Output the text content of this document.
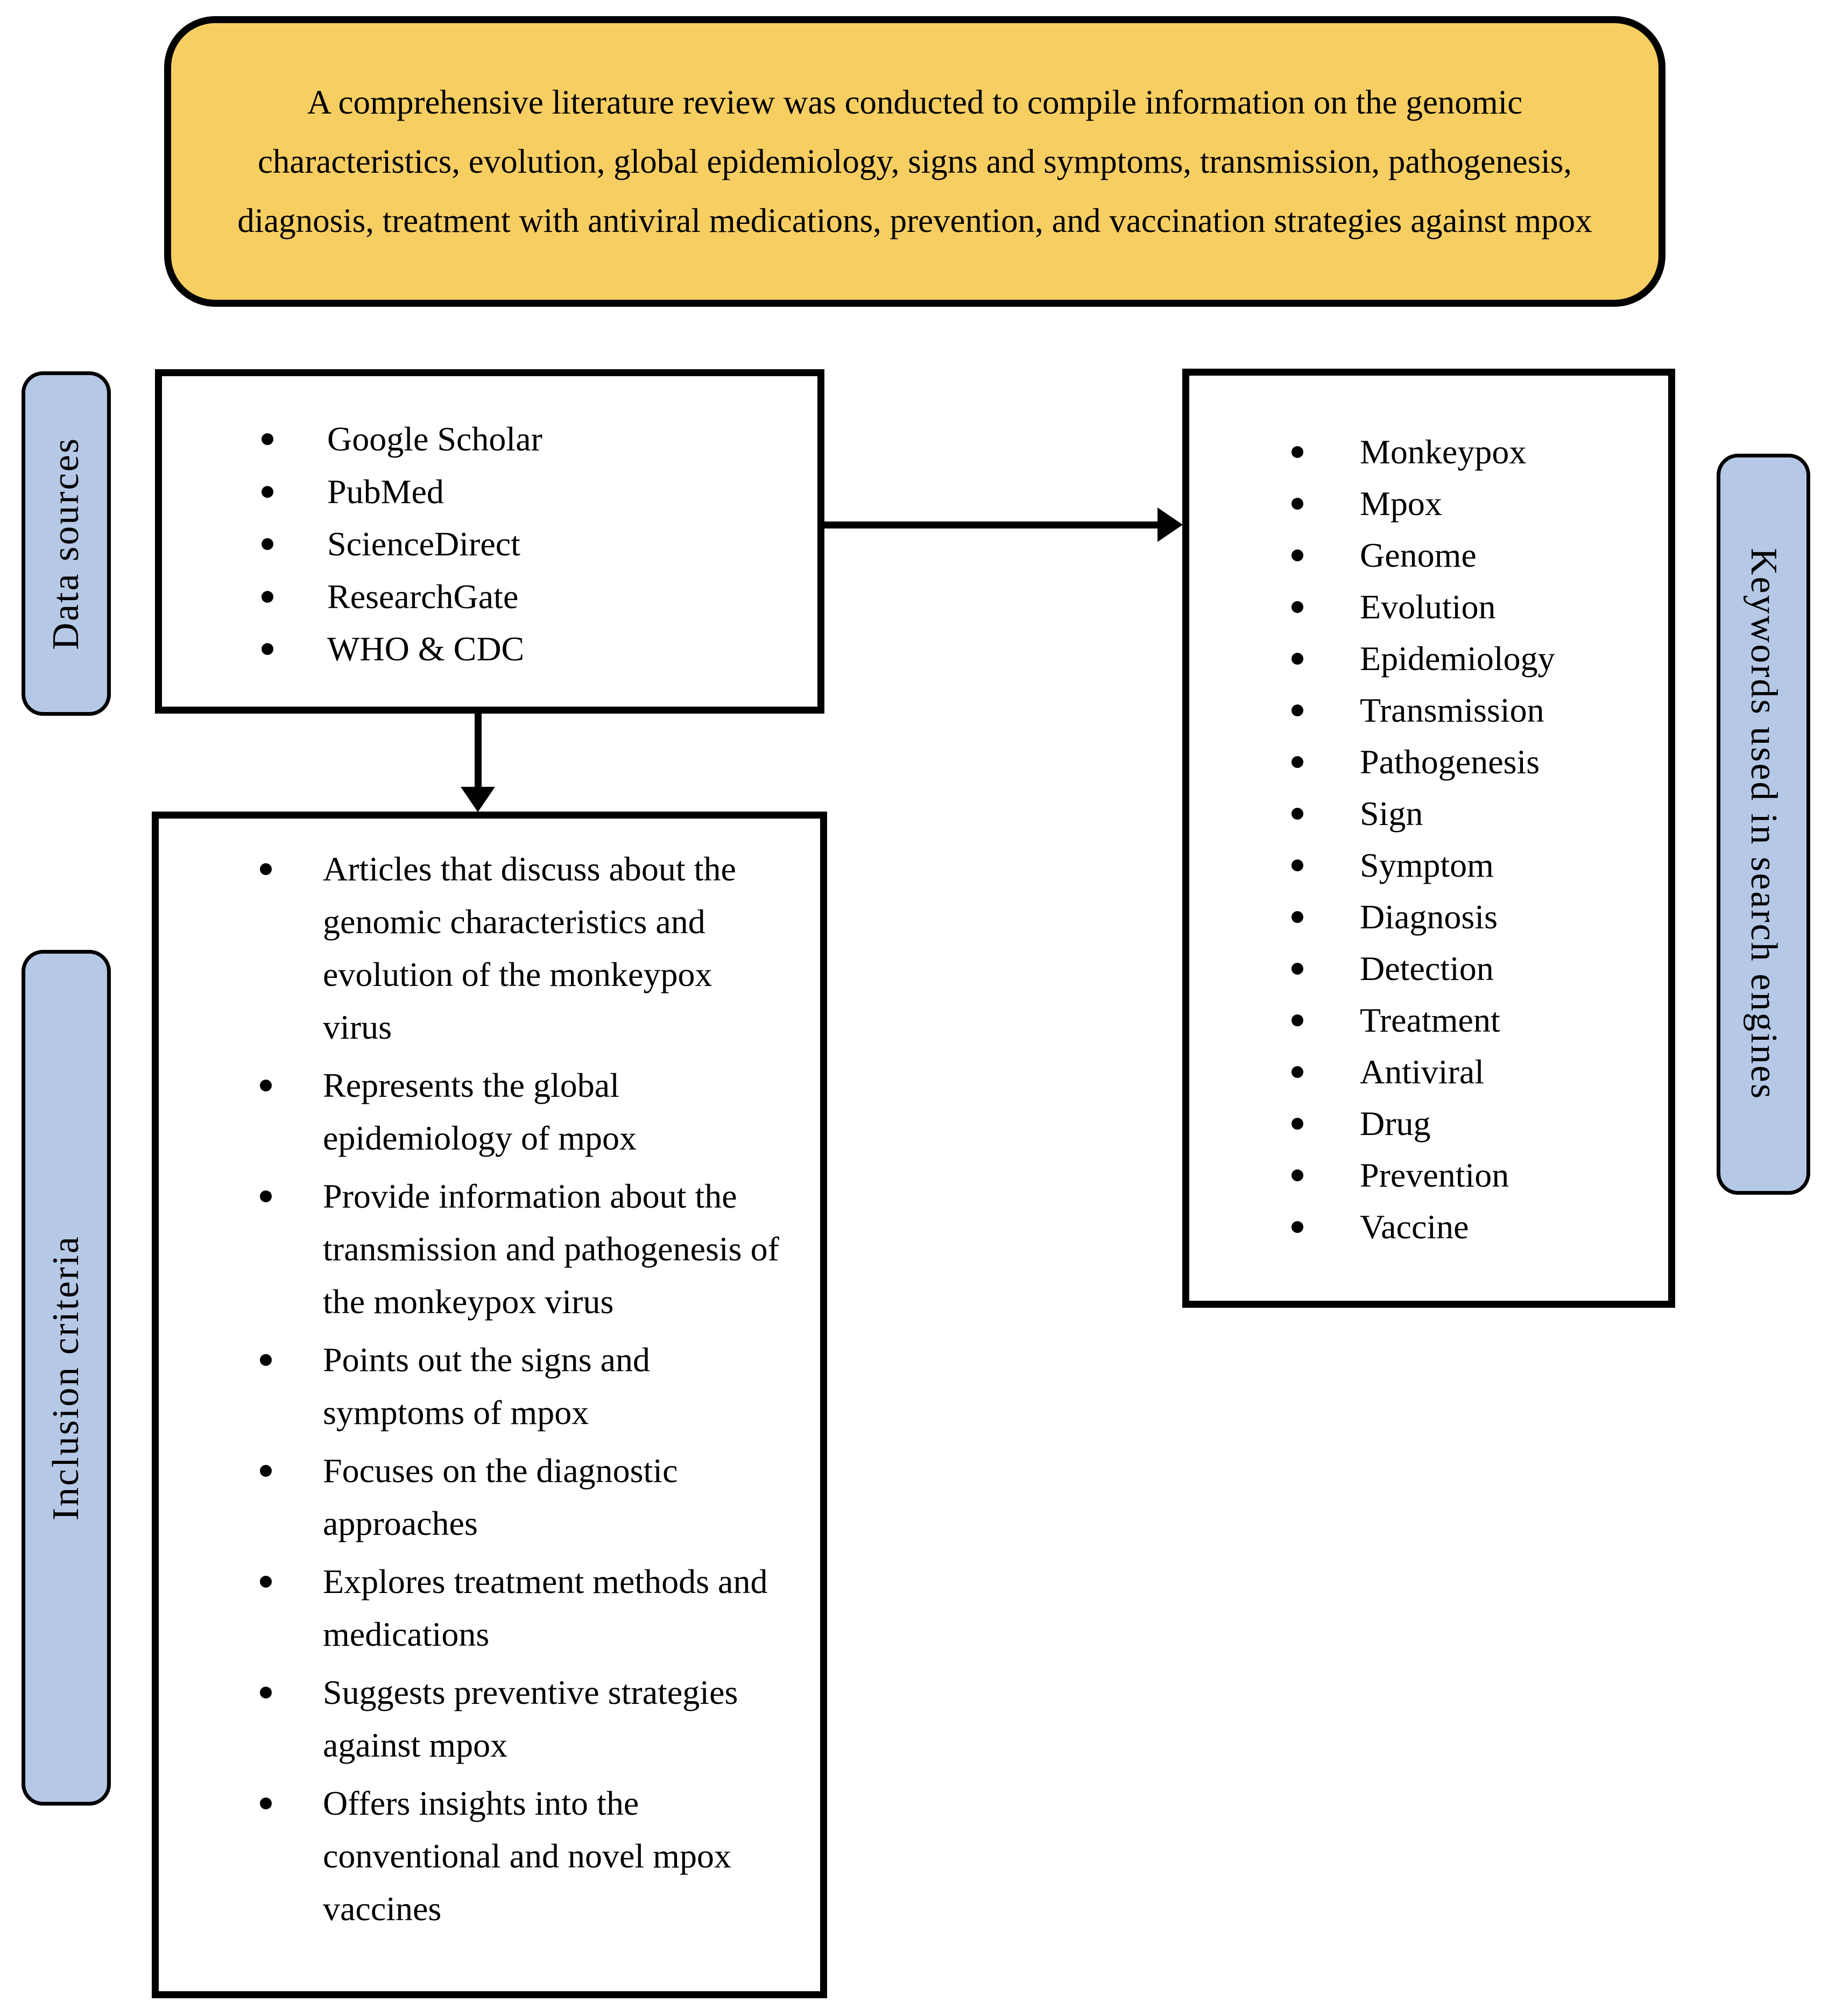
A comprehensive literature review was conducted to compile information on the genomic characteristics, evolution, global epidemiology, signs and symptoms, transmission, pathogenesis, diagnosis, treatment with antiviral medications, prevention, and vaccination strategies against mpox

Data sources	Google Scholar
PubMed
ScienceDirect
ResearchGate
WHO & CDC
Inclusion criteria
Articles that discuss about the genomic characteristics and evolution of the monkeypox virus
Represents the global epidemiology of mpox
Provide information about the transmission and pathogenesis of the monkeypox virus
Points out the signs and symptoms of mpox
Focuses on the diagnostic approaches
Explores treatment methods and medications
Suggests preventive strategies against mpox
Offers insights into the conventional and novel mpox vaccines
Monkeypox
Mpox
Genome
Evolution
Epidemiology
Transmission
Pathogenesis
Sign
Symptom
Diagnosis
Detection
Treatment
Antiviral
Drug
Prevention
Vaccine
Keywords used in search engines
